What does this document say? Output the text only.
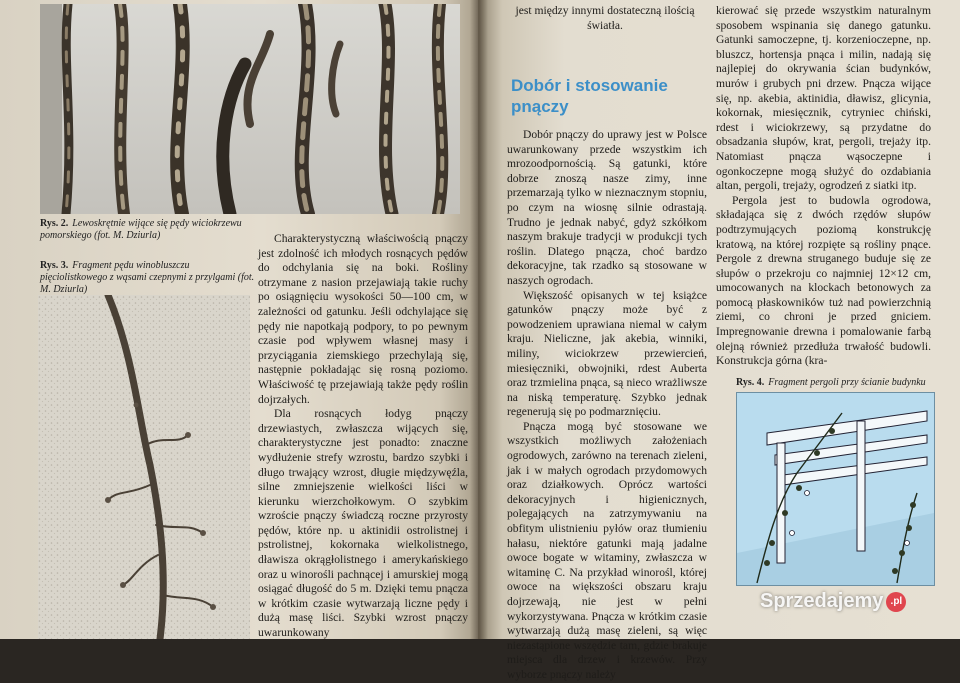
Rys. 2. Lewoskrętnie wijące się pędy wiciokrzewu pomorskiego (fot. M. Dziurla)
Rys. 3. Fragment pędu winobluszczu pięciolistkowego z wąsami czepnymi z przylgami (fot. M. Dziurla)

Charakterystyczną właściwością pnączy jest zdolność ich młodych rosnących pędów do odchylania się na boki. Rośliny otrzymane z nasion przejawiają takie ruchy po osiągnięciu wysokości 50—100 cm, w zależności od gatunku. Jeśli odchylające się pędy nie napotkają podpory, to po pewnym czasie pod wpływem własnej masy i przyciągania ziemskiego przechylają się, następnie pokładając się rosną poziomo. Właściwość tę przejawiają także pędy roślin dojrzałych.

Dla rosnących łodyg pnączy drzewiastych, zwłaszcza wijących się, charakterystyczne jest ponadto: znaczne wydłużenie strefy wzrostu, bardzo szybki i długo trwający wzrost, długie międzywęźla, silne zmniejszenie wielkości liści w kierunku wierzchołkowym. O szybkim wzroście pnączy świadczą roczne przyrosty pędów, które np. u aktinidii ostrolistnej i pstrolistnej, kokornaka wielkolistnego, dławisza okrągłolistnego i amerykańskiego oraz u winorośli pachnącej i amurskiej mogą osiągać długość do 5 m. Dzięki temu pnącza w krótkim czasie wytwarzają liczne pędy i dużą masę liści. Szybki wzrost pnączy uwarunkowany

jest między innymi dostateczną ilością światła.

Dobór i stosowanie pnączy

Dobór pnączy do uprawy jest w Polsce uwarunkowany przede wszystkim ich mrozoodpornością. Są gatunki, które dobrze znoszą nasze zimy, inne przemarzają tylko w nieznacznym stopniu, po czym na wiosnę silnie odrastają. Trudno je jednak nabyć, gdyż szkółkom naszym brakuje tradycji w produkcji tych roślin. Dlatego pnącza, choć bardzo dekoracyjne, tak rzadko są stosowane w naszych ogrodach.

Większość opisanych w tej książce gatunków pnączy może być z powodzeniem uprawiana niemal w całym kraju. Nieliczne, jak akebia, winniki, miliny, wiciokrzew przewierciеń, miesięczniki, obwojniki, rdest Auberta oraz trzmielina pnąca, są nieco wrażliwsze na niską temperaturę. Szybko jednak regenerują się po podmarznięciu.

Pnącza mogą być stosowane we wszystkich możliwych założeniach ogrodowych, zarówno na terenach zieleni, jak i w małych ogrodach przydomowych oraz działkowych. Oprócz wartości dekoracyjnych i higienicznych, polegających na zatrzymywaniu na obfitym ulistnieniu pyłów oraz tłumieniu hałasu, niektóre gatunki mają jadalne owoce bogate w witaminy, zwłaszcza w witaminę C. Na przykład winorośl, której owoce na większości obszaru kraju dojrzewają, nie jest w pełni wykorzystywana. Pnącza w krótkim czasie wytwarzają dużą masę zieleni, są więc niezastąpione wszędzie tam, gdzie brakuje miejsca dla drzew i krzewów. Przy wyborze pnączy należy

kierować się przede wszystkim naturalnym sposobem wspinania się danego gatunku. Gatunki samoczepne, tj. korzenioczepne, np. bluszcz, hortensja pnąca i milin, nadają się najlepiej do okrywania ścian budynków, murów i grubych pni drzew. Pnącza wijące się, np. akebia, aktinidia, dławisz, glicynia, kokornak, miesięcznik, cytryniec chiński, rdest i wiciokrzewy, są przydatne do obsadzania słupów, krat, pergoli, trejaży itp. Natomiast pnącza wąsoczepne i ogonkoczepne mogą służyć do ozdabiania altan, pergoli, trejaży, ogrodzeń z siatki itp.

Pergola jest to budowla ogrodowa, składająca się z dwóch rzędów słupów podtrzymujących poziomą konstrukcję kratową, na której rozpięte są rośliny pnące. Pergole z drewna struganego buduje się ze słupów o przekroju co najmniej 12×12 cm, umocowanych na klockach betonowych za pomocą płaskowników tuż nad powierzchnią ziemi, co chroni je przed gniciem. Impregnowanie drewna i pomalowanie farbą olejną również przedłuża trwałość budowli. Konstrukcja górna (kra-

Rys. 4. Fragment pergoli przy ścianie budynku
Sprzedajemy .pl
